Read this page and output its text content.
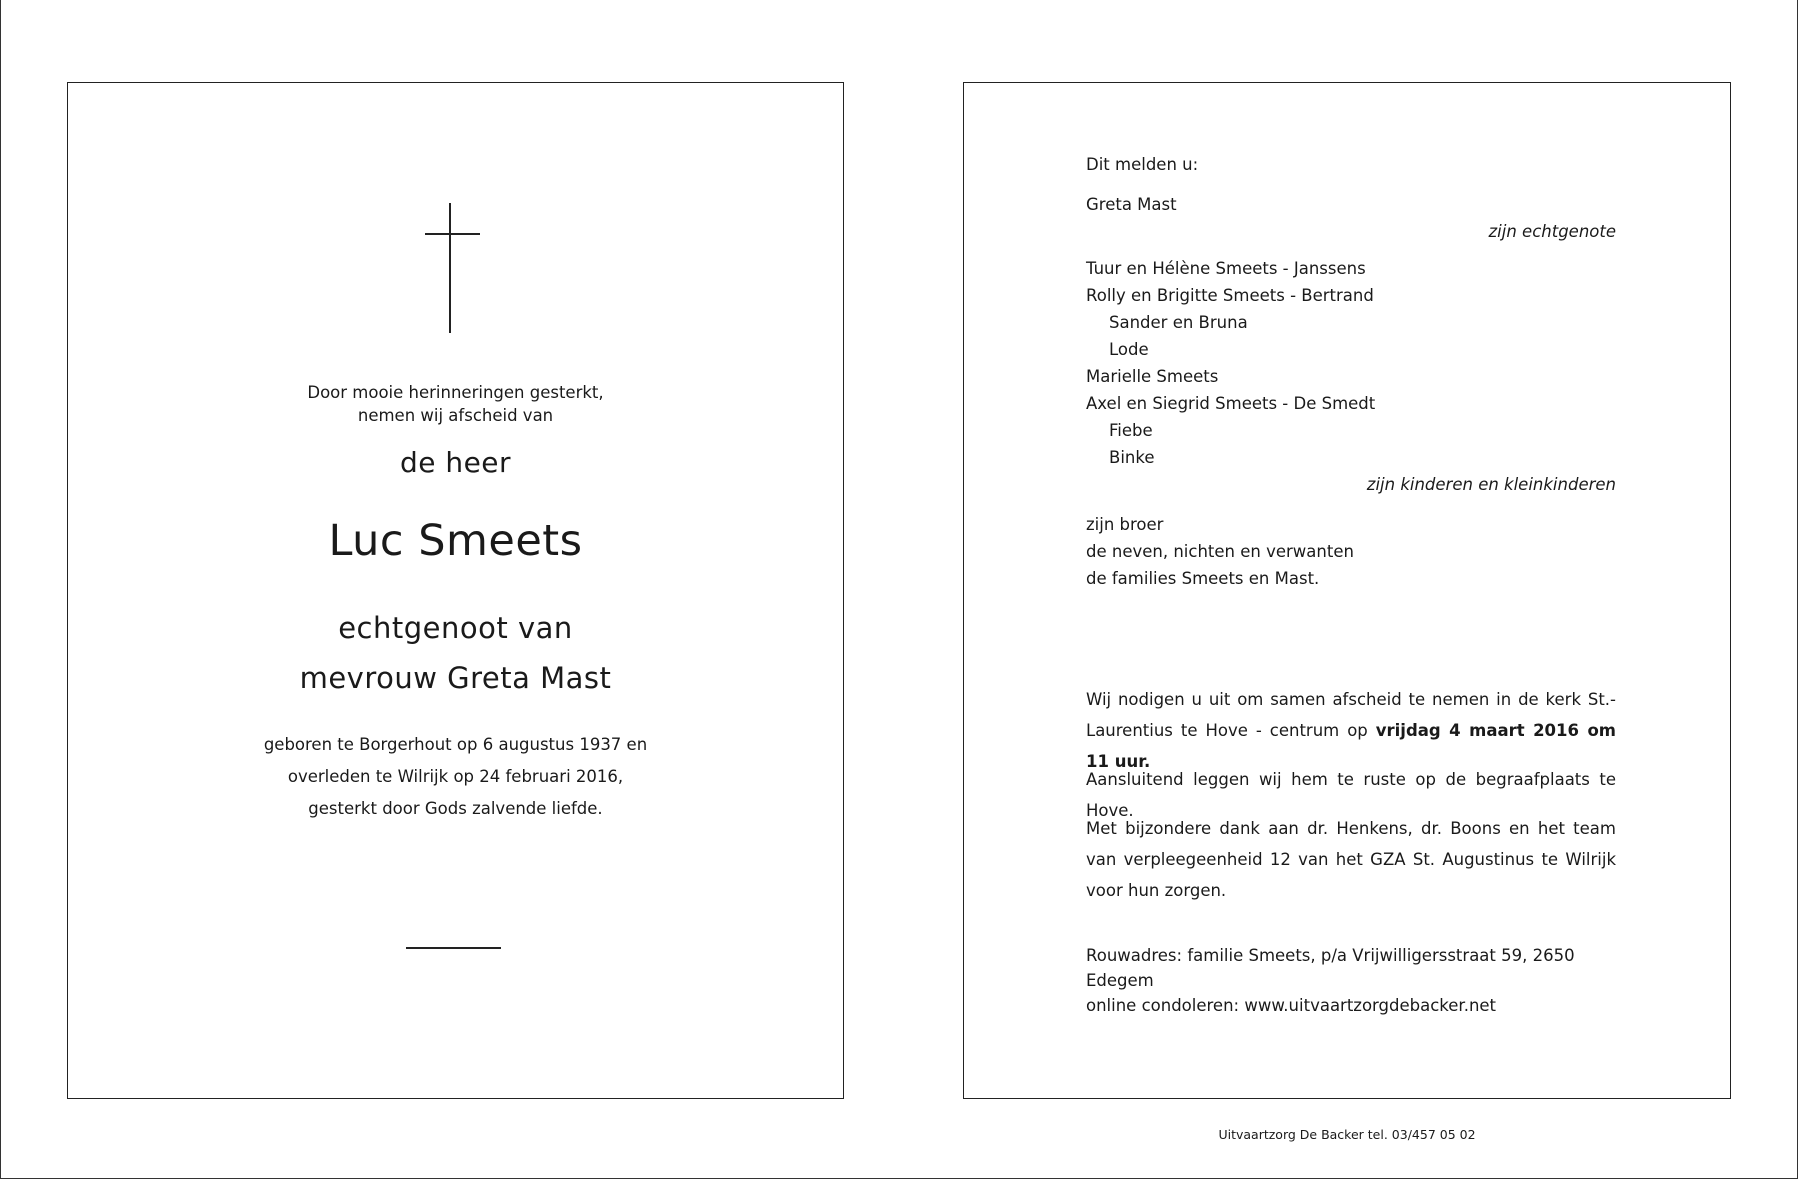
Door mooie herinneringen gesterkt,
nemen wij afscheid van
de heer
Luc Smeets
echtgenoot van
mevrouw Greta Mast
geboren te Borgerhout op 6 augustus 1937 en
overleden te Wilrijk op 24 februari 2016,
gesterkt door Gods zalvende liefde.
Dit melden u:
Greta Mast
zijn echtgenote
Tuur en Hélène Smeets - Janssens
Rolly en Brigitte Smeets - Bertrand
Sander en Bruna
Lode
Marielle Smeets
Axel en Siegrid Smeets - De Smedt
Fiebe
Binke
zijn kinderen en kleinkinderen
zijn broer
de neven, nichten en verwanten
de families Smeets en Mast.
Wij nodigen u uit om samen afscheid te nemen in de kerk St.-Laurentius te Hove - centrum op vrijdag 4 maart 2016 om 11 uur.
Aansluitend leggen wij hem te ruste op de begraafplaats te Hove.
Met bijzondere dank aan dr. Henkens, dr. Boons en het team van verpleegeenheid 12 van het GZA St. Augustinus te Wilrijk voor hun zorgen.
Rouwadres: familie Smeets, p/a Vrijwilligersstraat 59, 2650 Edegem
online condoleren: www.uitvaartzorgdebacker.net
Uitvaartzorg De Backer tel. 03/457 05 02
